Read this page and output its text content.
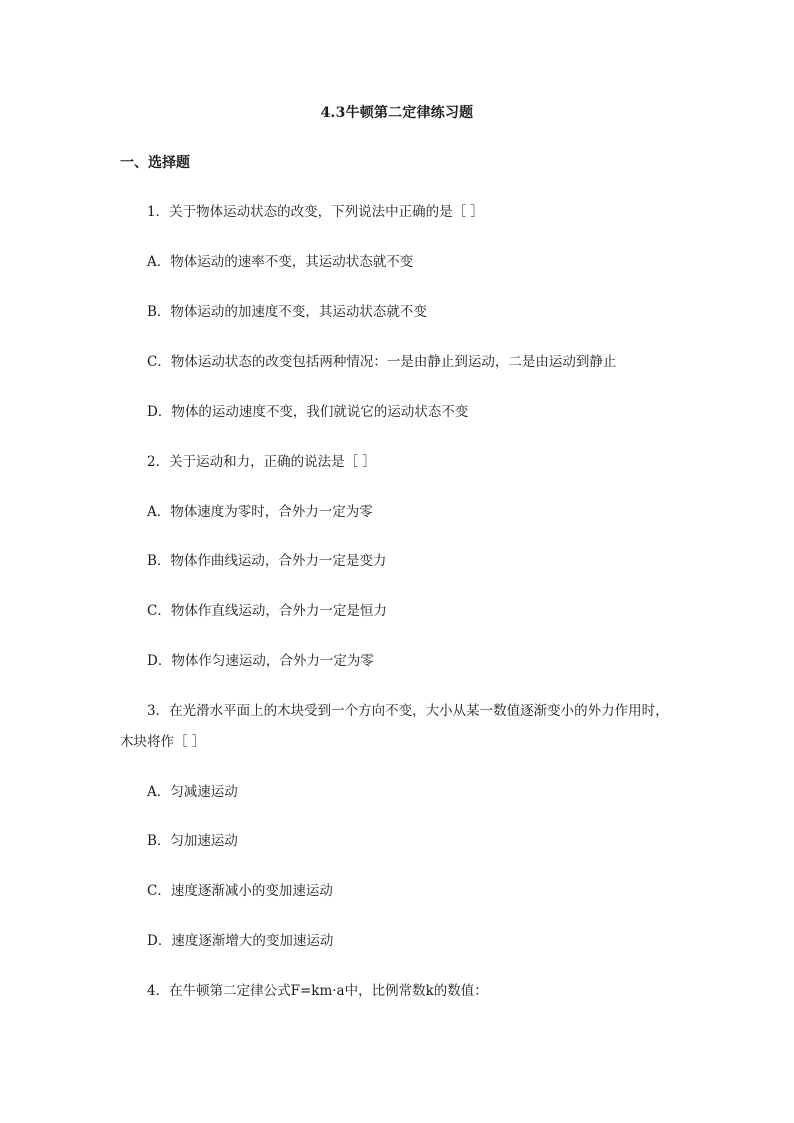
4.3牛顿第二定律练习题
一、选择题
1．关于物体运动状态的改变，下列说法中正确的是［ ］
A．物体运动的速率不变，其运动状态就不变
B．物体运动的加速度不变，其运动状态就不变
C．物体运动状态的改变包括两种情况：一是由静止到运动，二是由运动到静止
D．物体的运动速度不变，我们就说它的运动状态不变
2．关于运动和力，正确的说法是［ ］
A．物体速度为零时，合外力一定为零
B．物体作曲线运动，合外力一定是变力
C．物体作直线运动，合外力一定是恒力
D．物体作匀速运动，合外力一定为零
3．在光滑水平面上的木块受到一个方向不变，大小从某一数值逐渐变小的外力作用时，
木块将作［ ］
A．匀减速运动
B．匀加速运动
C．速度逐渐减小的变加速运动
D．速度逐渐增大的变加速运动
4．在牛顿第二定律公式F=km·a中，比例常数k的数值：
